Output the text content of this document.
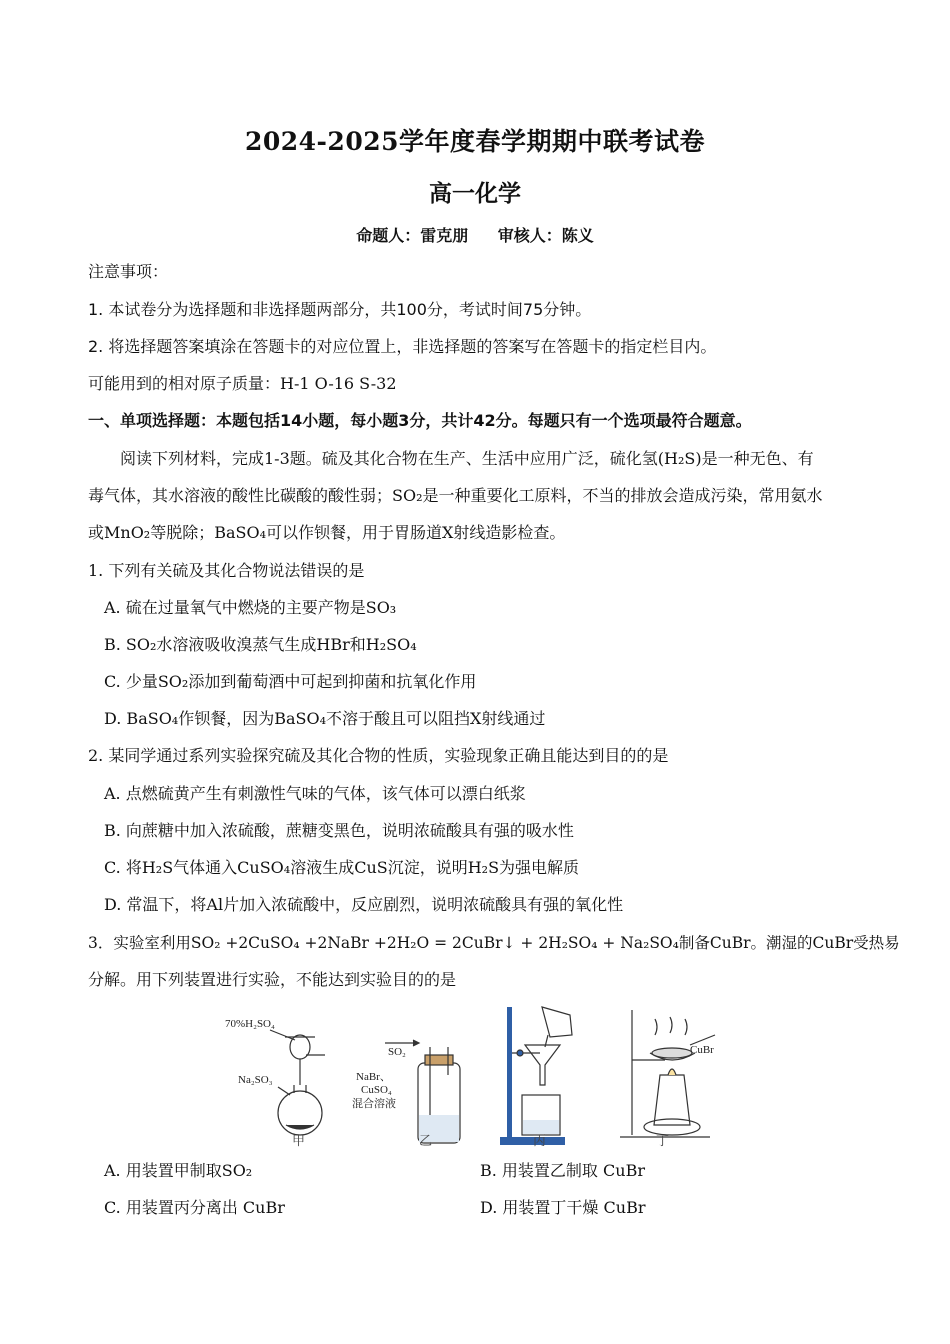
2024-2025学年度春学期期中联考试卷
高一化学
命题人：雷克朋 审核人：陈义
注意事项：
1. 本试卷分为选择题和非选择题两部分，共100分，考试时间75分钟。
2. 将选择题答案填涂在答题卡的对应位置上，非选择题的答案写在答题卡的指定栏目内。
可能用到的相对原子质量：H-1 O-16 S-32
一、单项选择题：本题包括14小题，每小题3分，共计42分。每题只有一个选项最符合题意。
阅读下列材料，完成1-3题。硫及其化合物在生产、生活中应用广泛，硫化氢(H₂S)是一种无色、有
毒气体，其水溶液的酸性比碳酸的酸性弱；SO₂是一种重要化工原料，不当的排放会造成污染，常用氨水
或MnO₂等脱除；BaSO₄可以作钡餐，用于胃肠道X射线造影检查。
1. 下列有关硫及其化合物说法错误的是
A. 硫在过量氧气中燃烧的主要产物是SO₃
B. SO₂水溶液吸收溴蒸气生成HBr和H₂SO₄
C. 少量SO₂添加到葡萄酒中可起到抑菌和抗氧化作用
D. BaSO₄作钡餐，因为BaSO₄不溶于酸且可以阻挡X射线通过
2. 某同学通过系列实验探究硫及其化合物的性质，实验现象正确且能达到目的的是
A. 点燃硫黄产生有刺激性气味的气体，该气体可以漂白纸浆
B. 向蔗糖中加入浓硫酸，蔗糖变黑色，说明浓硫酸具有强的吸水性
C. 将H₂S气体通入CuSO₄溶液生成CuS沉淀，说明H₂S为强电解质
D. 常温下，将Al片加入浓硫酸中，反应剧烈，说明浓硫酸具有强的氧化性
3．实验室利用SO₂ +2CuSO₄ +2NaBr +2H₂O = 2CuBr↓ + 2H₂SO₄ + Na₂SO₄制备CuBr。潮湿的CuBr受热易
分解。用下列装置进行实验，不能达到实验目的的是
70%H₂SO₄
Na₂SO₃
SO₂
NaBr、
CuSO₄
混合溶液
CuBr
甲	乙	丙	丁
A. 用装置甲制取SO₂	B. 用装置乙制取 CuBr
C. 用装置丙分离出 CuBr	D. 用装置丁干燥 CuBr
